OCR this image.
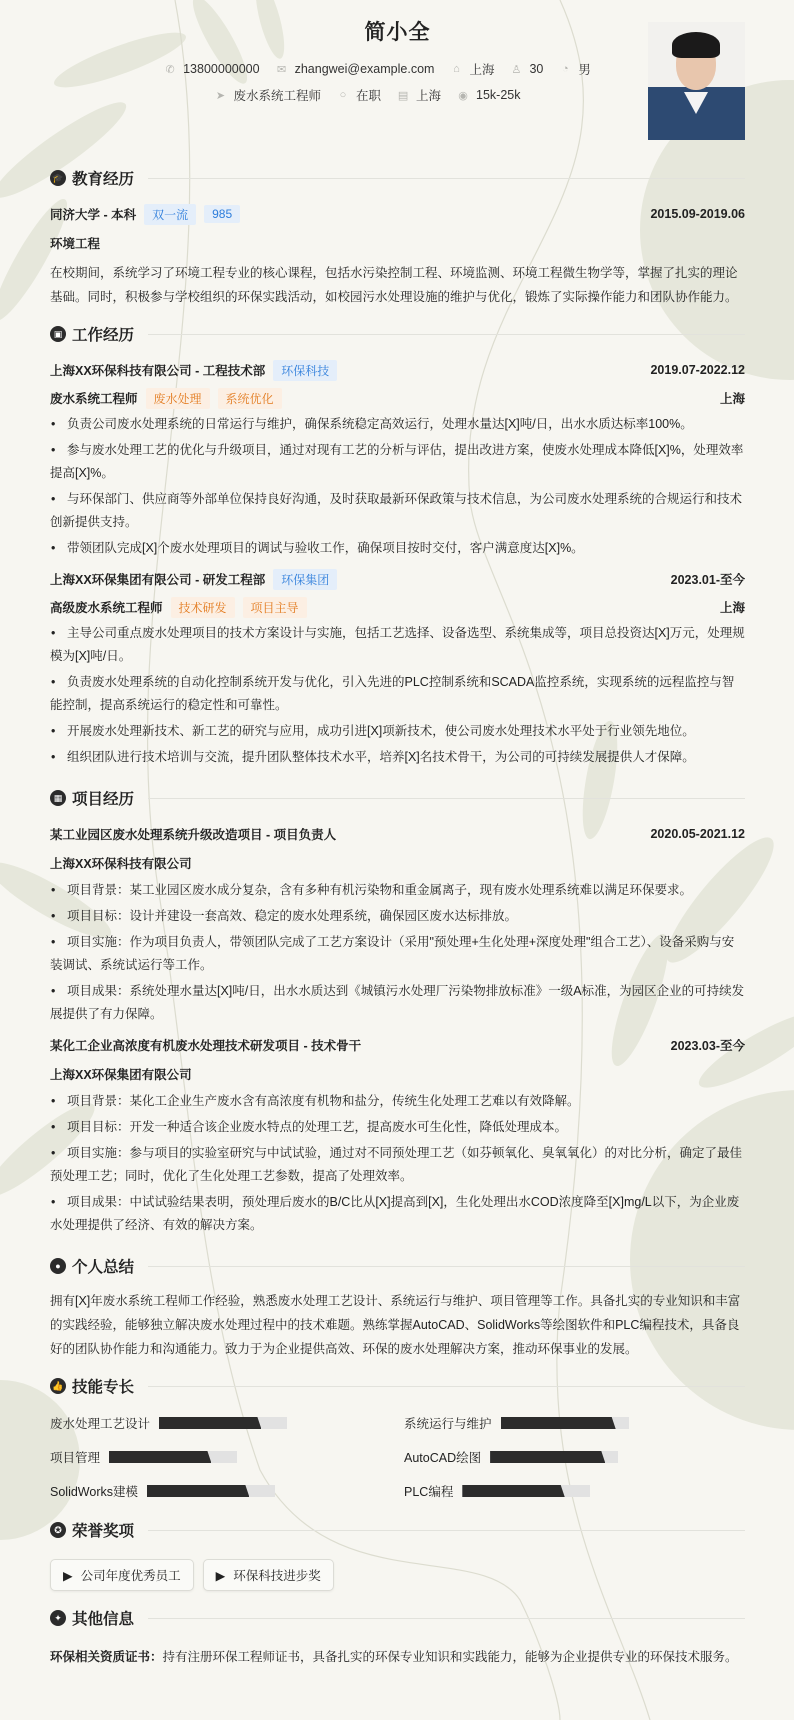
简小全
✆ 13800000000 ✉ zhangwei@example.com ⌂ 上海 ♙ 30 ◔ 男
➤ 废水系统工程师 ○ 在职 ▤ 上海 ◉ 15k-25k
🎓 教育经历
同济大学 - 本科	双一流	985	2015.09-2019.06
环境工程

在校期间，系统学习了环境工程专业的核心课程，包括水污染控制工程、环境监测、环境工程微生物学等，掌握了扎实的理论基础。同时，积极参与学校组织的环保实践活动，如校园污水处理设施的维护与优化，锻炼了实际操作能力和团队协作能力。

▣ 工作经历
上海XX环保科技有限公司 - 工程技术部	环保科技	2019.07-2022.12
废水系统工程师	废水处理	系统优化	上海
• 负责公司废水处理系统的日常运行与维护，确保系统稳定高效运行，处理水量达[X]吨/日，出水水质达标率100%。
• 参与废水处理工艺的优化与升级项目，通过对现有工艺的分析与评估，提出改进方案，使废水处理成本降低[X]%，处理效率提高[X]%。
• 与环保部门、供应商等外部单位保持良好沟通，及时获取最新环保政策与技术信息，为公司废水处理系统的合规运行和技术创新提供支持。
• 带领团队完成[X]个废水处理项目的调试与验收工作，确保项目按时交付，客户满意度达[X]%。
上海XX环保集团有限公司 - 研发工程部	环保集团	2023.01-至今
高级废水系统工程师	技术研发	项目主导	上海
• 主导公司重点废水处理项目的技术方案设计与实施，包括工艺选择、设备选型、系统集成等，项目总投资达[X]万元，处理规模为[X]吨/日。
• 负责废水处理系统的自动化控制系统开发与优化，引入先进的PLC控制系统和SCADA监控系统，实现系统的远程监控与智能控制，提高系统运行的稳定性和可靠性。
• 开展废水处理新技术、新工艺的研究与应用，成功引进[X]项新技术，使公司废水处理技术水平处于行业领先地位。
• 组织团队进行技术培训与交流，提升团队整体技术水平，培养[X]名技术骨干，为公司的可持续发展提供人才保障。
▦ 项目经历
某工业园区废水处理系统升级改造项目 - 项目负责人	2020.05-2021.12
上海XX环保科技有限公司
• 项目背景：某工业园区废水成分复杂，含有多种有机污染物和重金属离子，现有废水处理系统难以满足环保要求。
• 项目目标：设计并建设一套高效、稳定的废水处理系统，确保园区废水达标排放。
• 项目实施：作为项目负责人，带领团队完成了工艺方案设计（采用"预处理+生化处理+深度处理"组合工艺）、设备采购与安装调试、系统试运行等工作。
• 项目成果：系统处理水量达[X]吨/日，出水水质达到《城镇污水处理厂污染物排放标准》一级A标准，为园区企业的可持续发展提供了有力保障。
某化工企业高浓度有机废水处理技术研发项目 - 技术骨干	2023.03-至今
上海XX环保集团有限公司
• 项目背景：某化工企业生产废水含有高浓度有机物和盐分，传统生化处理工艺难以有效降解。
• 项目目标：开发一种适合该企业废水特点的处理工艺，提高废水可生化性，降低处理成本。
• 项目实施：参与项目的实验室研究与中试试验，通过对不同预处理工艺（如芬顿氧化、臭氧氧化）的对比分析，确定了最佳预处理工艺；同时，优化了生化处理工艺参数，提高了处理效率。
• 项目成果：中试试验结果表明，预处理后废水的B/C比从[X]提高到[X]，生化处理出水COD浓度降至[X]mg/L以下，为企业废水处理提供了经济、有效的解决方案。
● 个人总结

拥有[X]年废水系统工程师工作经验，熟悉废水处理工艺设计、系统运行与维护、项目管理等工作。具备扎实的专业知识和丰富的实践经验，能够独立解决废水处理过程中的技术难题。熟练掌握AutoCAD、SolidWorks等绘图软件和PLC编程技术，具备良好的团队协作能力和沟通能力。致力于为企业提供高效、环保的废水处理解决方案，推动环保事业的发展。

👍 技能专长
废水处理工艺设计	系统运行与维护
项目管理	AutoCAD绘图
SolidWorks建模	PLC编程
✪ 荣誉奖项
▶ 公司年度优秀员工	▶ 环保科技进步奖
✦ 其他信息
环保相关资质证书：持有注册环保工程师证书，具备扎实的环保专业知识和实践能力，能够为企业提供专业的环保技术服务。
